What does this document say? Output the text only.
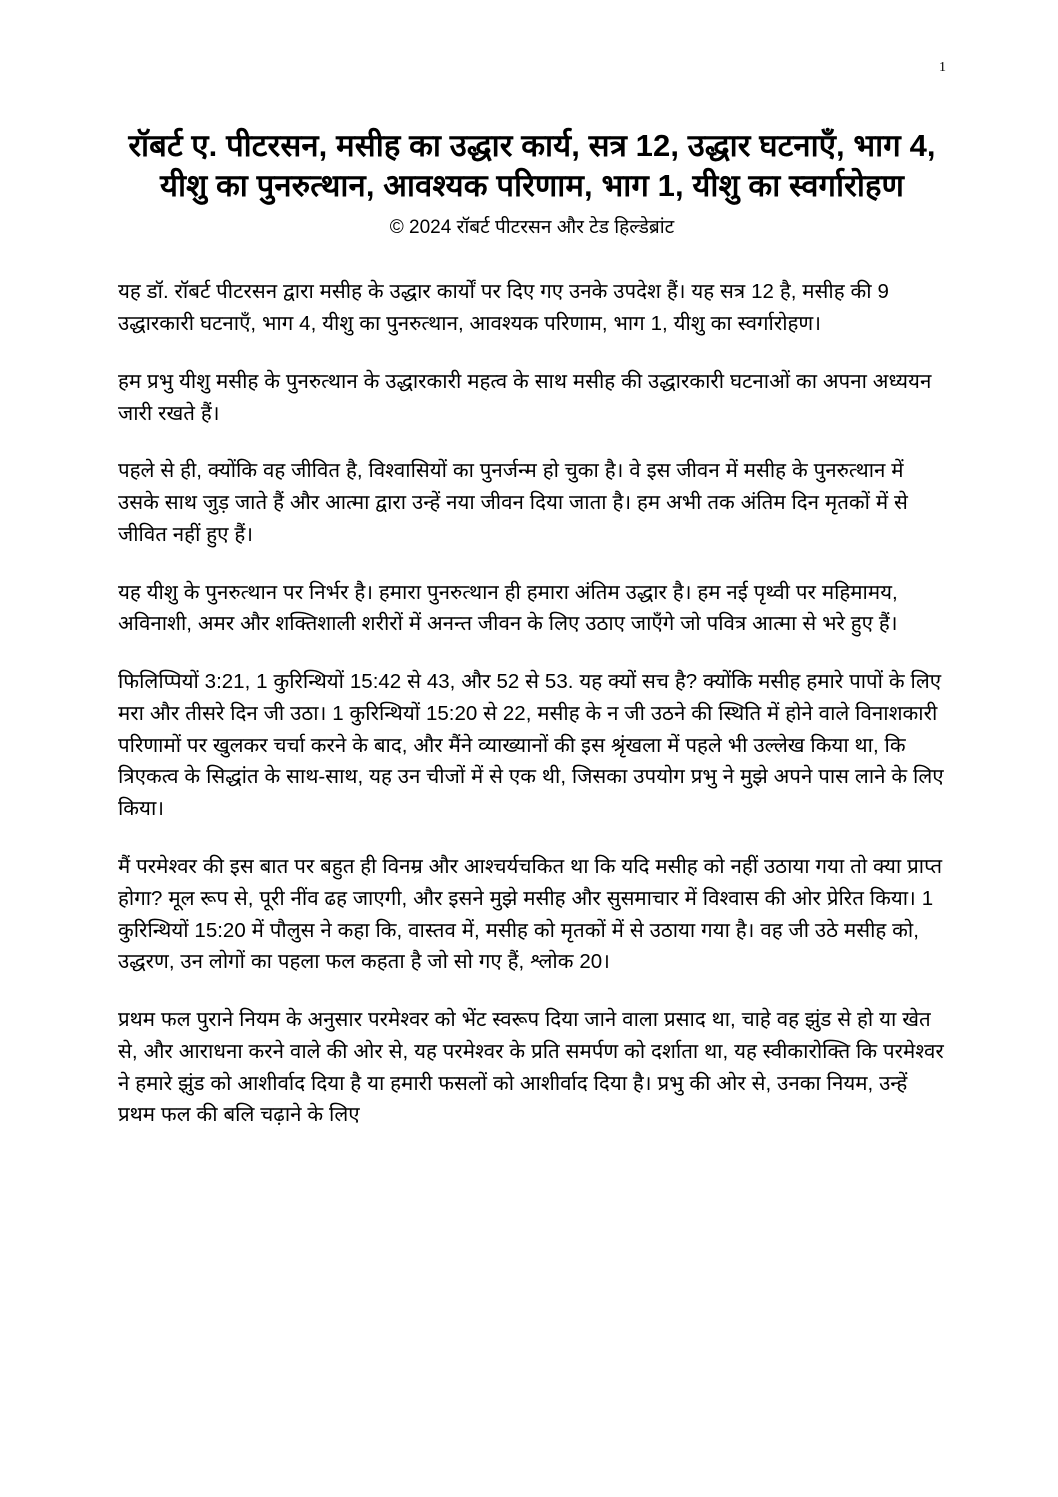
1
रॉबर्ट ए. पीटरसन, मसीह का उद्धार कार्य, सत्र 12, उद्धार घटनाएँ, भाग 4, यीशु का पुनरुत्थान, आवश्यक परिणाम, भाग 1, यीशु का स्वर्गारोहण
© 2024 रॉबर्ट पीटरसन और टेड हिल्डेब्रांट

यह डॉ. रॉबर्ट पीटरसन द्वारा मसीह के उद्धार कार्यों पर दिए गए उनके उपदेश हैं। यह सत्र 12 है, मसीह की 9 उद्धारकारी घटनाएँ, भाग 4, यीशु का पुनरुत्थान, आवश्यक परिणाम, भाग 1, यीशु का स्वर्गारोहण।

हम प्रभु यीशु मसीह के पुनरुत्थान के उद्धारकारी महत्व के साथ मसीह की उद्धारकारी घटनाओं का अपना अध्ययन जारी रखते हैं।

पहले से ही, क्योंकि वह जीवित है, विश्वासियों का पुनर्जन्म हो चुका है। वे इस जीवन में मसीह के पुनरुत्थान में उसके साथ जुड़ जाते हैं और आत्मा द्वारा उन्हें नया जीवन दिया जाता है। हम अभी तक अंतिम दिन मृतकों में से जीवित नहीं हुए हैं।

यह यीशु के पुनरुत्थान पर निर्भर है। हमारा पुनरुत्थान ही हमारा अंतिम उद्धार है। हम नई पृथ्वी पर महिमामय, अविनाशी, अमर और शक्तिशाली शरीरों में अनन्त जीवन के लिए उठाए जाएँगे जो पवित्र आत्मा से भरे हुए हैं।

फिलिप्पियों 3:21, 1 कुरिन्थियों 15:42 से 43, और 52 से 53. यह क्यों सच है? क्योंकि मसीह हमारे पापों के लिए मरा और तीसरे दिन जी उठा। 1 कुरिन्थियों 15:20 से 22, मसीह के न जी उठने की स्थिति में होने वाले विनाशकारी परिणामों पर खुलकर चर्चा करने के बाद, और मैंने व्याख्यानों की इस श्रृंखला में पहले भी उल्लेख किया था, कि त्रिएकत्व के सिद्धांत के साथ-साथ, यह उन चीजों में से एक थी, जिसका उपयोग प्रभु ने मुझे अपने पास लाने के लिए किया।

मैं परमेश्वर की इस बात पर बहुत ही विनम्र और आश्चर्यचकित था कि यदि मसीह को नहीं उठाया गया तो क्या प्राप्त होगा? मूल रूप से, पूरी नींव ढह जाएगी, और इसने मुझे मसीह और सुसमाचार में विश्वास की ओर प्रेरित किया। 1 कुरिन्थियों 15:20 में पौलुस ने कहा कि, वास्तव में, मसीह को मृतकों में से उठाया गया है। वह जी उठे मसीह को, उद्धरण, उन लोगों का पहला फल कहता है जो सो गए हैं, श्लोक 20।

प्रथम फल पुराने नियम के अनुसार परमेश्वर को भेंट स्वरूप दिया जाने वाला प्रसाद था, चाहे वह झुंड से हो या खेत से, और आराधना करने वाले की ओर से, यह परमेश्वर के प्रति समर्पण को दर्शाता था, यह स्वीकारोक्ति कि परमेश्वर ने हमारे झुंड को आशीर्वाद दिया है या हमारी फसलों को आशीर्वाद दिया है। प्रभु की ओर से, उनका नियम, उन्हें प्रथम फल की बलि चढ़ाने के लिए
